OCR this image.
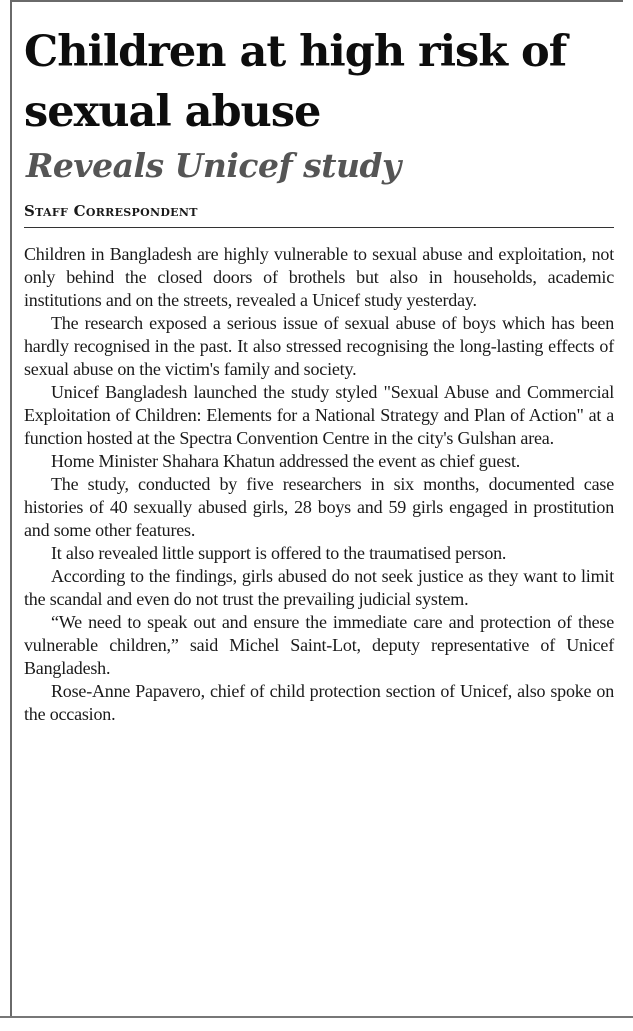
Children at high risk of sexual abuse
Reveals Unicef study
Staff Correspondent

Children in Bangladesh are highly vulnerable to sexual abuse and exploitation, not only behind the closed doors of brothels but also in households, academic institutions and on the streets, revealed a Unicef study yesterday.

The research exposed a serious issue of sexual abuse of boys which has been hardly recognised in the past. It also stressed recognising the long-lasting effects of sexual abuse on the victim's family and society.

Unicef Bangladesh launched the study styled "Sexual Abuse and Commercial Exploitation of Children: Elements for a National Strategy and Plan of Action" at a function hosted at the Spectra Convention Centre in the city's Gulshan area.

Home Minister Shahara Khatun addressed the event as chief guest.

The study, conducted by five researchers in six months, documented case histories of 40 sexually abused girls, 28 boys and 59 girls engaged in prostitution and some other features.

It also revealed little support is offered to the traumatised person.

According to the findings, girls abused do not seek justice as they want to limit the scandal and even do not trust the prevailing judicial system.

“We need to speak out and ensure the immediate care and protection of these vulnerable children,” said Michel Saint-Lot, deputy representative of Unicef Bangladesh.

Rose-Anne Papavero, chief of child protection section of Unicef, also spoke on the occasion.
